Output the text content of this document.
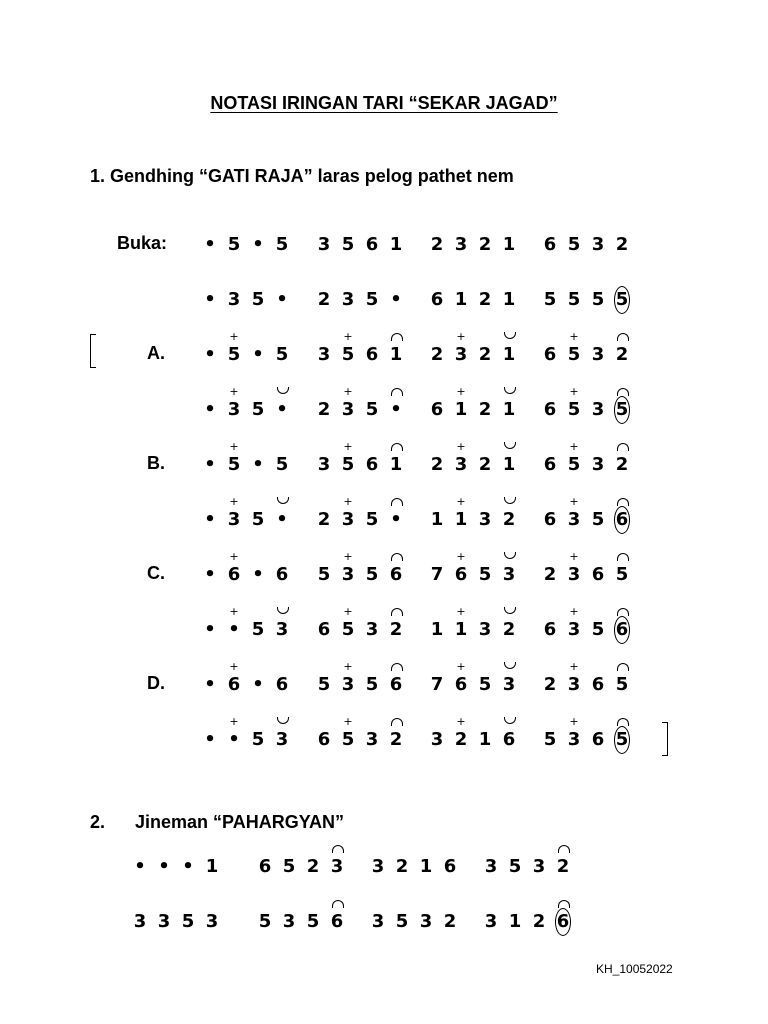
NOTASI IRINGAN TARI “SEKAR JAGAD”
1. Gendhing “GATI RAJA” laras pelog pathet nem
Buka:	• 5 • 5	3 5 6 1	2 3 2 1	6 5 3 2
• 3 5 •	2 3 5 •	6 1 2 1	5 5 5 5
A.	• + 5 • 5	3 + 5 6 1	2 + 3 2 1	6 + 5 3 2
• + 3 5 •	2 + 3 5 •	6 + 1 2 1	6 + 5 3 5
B.	• + 5 • 5	3 + 5 6 1	2 + 3 2 1	6 + 5 3 2
• + 3 5 •	2 + 3 5 •	1 + 1 3 2	6 + 3 5 6
C.	• + 6 • 6	5 + 3 5 6	7 + 6 5 3	2 + 3 6 5
• + • 5 3	6 + 5 3 2	1 + 1 3 2	6 + 3 5 6
D.	• + 6 • 6	5 + 3 5 6	7 + 6 5 3	2 + 3 6 5
• + • 5 3	6 + 5 3 2	3 + 2 1 6	5 + 3 6 5
2. Jineman “PAHARGYAN”
• • • 1	6 5 2 3	3 2 1 6	3 5 3 2
3 3 5 3	5 3 5 6	3 5 3 2	3 1 2 6
KH_10052022
